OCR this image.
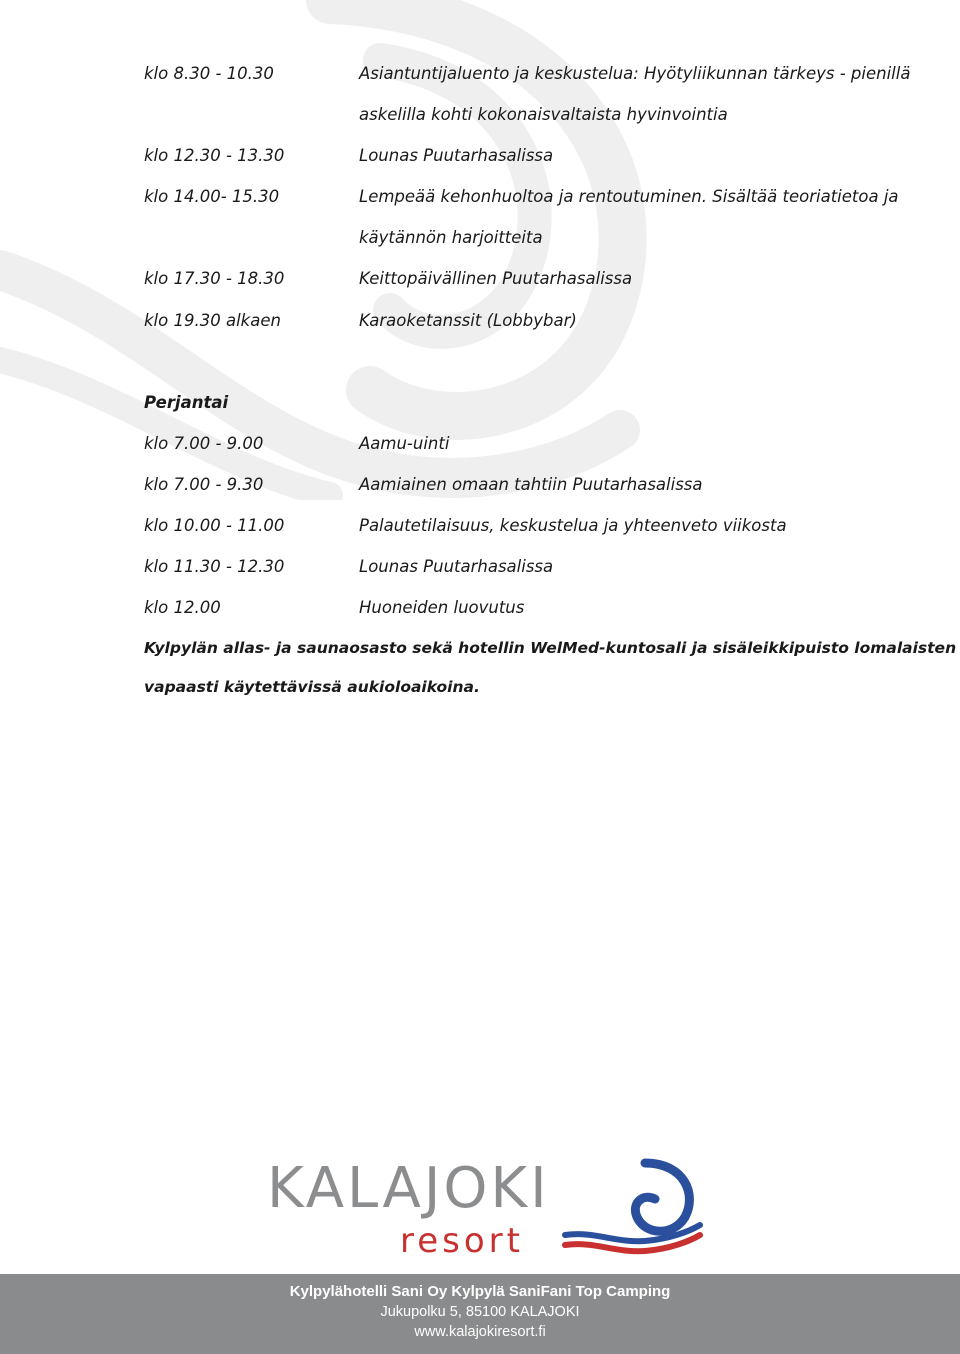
klo 8.30 - 10.30	Asiantuntijaluento ja keskustelua: Hyötyliikunnan tärkeys - pienillä
askelilla kohti kokonaisvaltaista hyvinvointia
klo 12.30 - 13.30	Lounas Puutarhasalissa
klo 14.00- 15.30	Lempeää kehonhuoltoa ja rentoutuminen. Sisältää teoriatietoa ja
käytännön harjoitteita
klo 17.30 - 18.30	Keittopäivällinen Puutarhasalissa
klo 19.30 alkaen	Karaoketanssit (Lobbybar)
Perjantai
klo 7.00 - 9.00	Aamu-uinti
klo 7.00 - 9.30	Aamiainen omaan tahtiin Puutarhasalissa
klo 10.00 - 11.00	Palautetilaisuus, keskustelua ja yhteenveto viikosta
klo 11.30 - 12.30	Lounas Puutarhasalissa
klo 12.00	Huoneiden luovutus
Kylpylän allas- ja saunaosasto sekä hotellin WelMed-kuntosali ja sisäleikkipuisto lomalaisten
vapaasti käytettävissä aukioloaikoina.
KALAJOKI
resort
Kylpylähotelli Sani Oy Kylpylä SaniFani Top Camping
Jukupolku 5, 85100 KALAJOKI
www.kalajokiresort.fi
